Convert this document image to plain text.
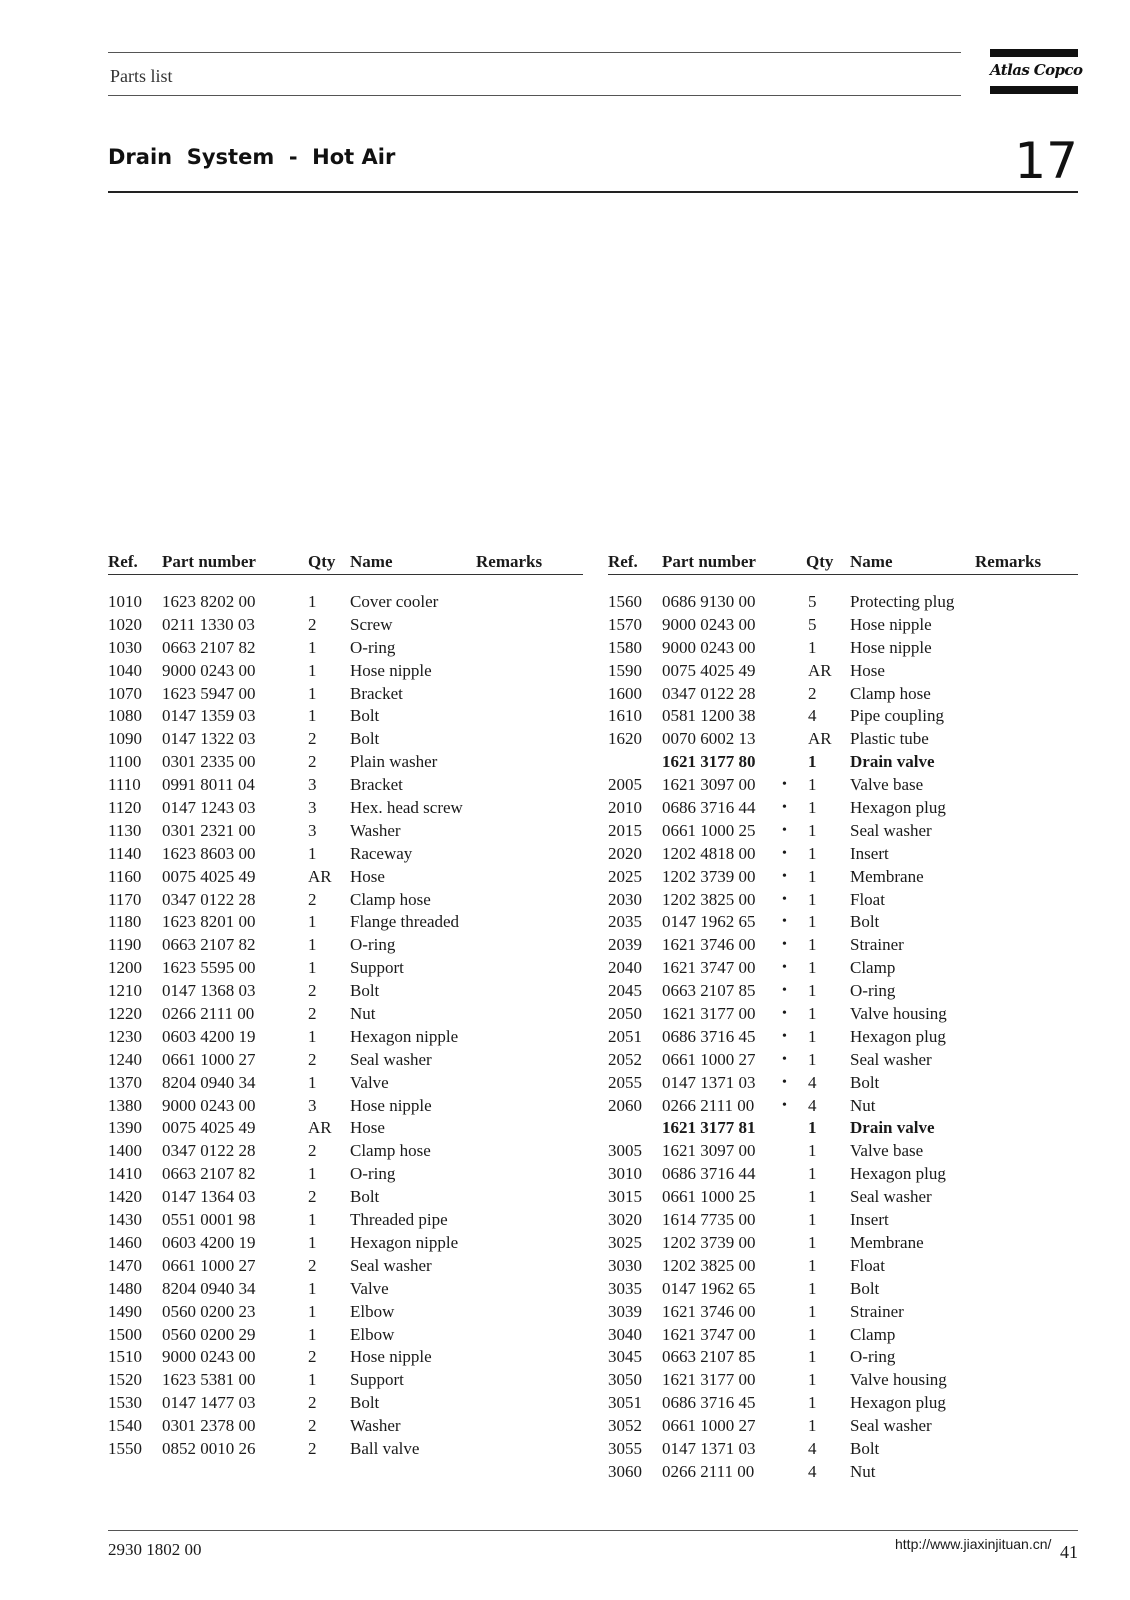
Parts list	Atlas Copco
Drain  System  -  Hot Air	17
Ref. Part number	Qty Name	Remarks
1010 1623 8202 00	1 Cover cooler
1020 0211 1330 03	2 Screw
1030 0663 2107 82	1 O-ring
1040 9000 0243 00	1 Hose nipple
1070 1623 5947 00	1 Bracket
1080 0147 1359 03	1 Bolt
1090 0147 1322 03	2 Bolt
1100 0301 2335 00	2 Plain washer
1110 0991 8011 04	3 Bracket
1120 0147 1243 03	3 Hex. head screw
1130 0301 2321 00	3 Washer
1140 1623 8603 00	1 Raceway
1160 0075 4025 49	AR Hose
1170 0347 0122 28	2 Clamp hose
1180 1623 8201 00	1 Flange threaded
1190 0663 2107 82	1 O-ring
1200 1623 5595 00	1 Support
1210 0147 1368 03	2 Bolt
1220 0266 2111 00	2 Nut
1230 0603 4200 19	1 Hexagon nipple
1240 0661 1000 27	2 Seal washer
1370 8204 0940 34	1 Valve
1380 9000 0243 00	3 Hose nipple
1390 0075 4025 49	AR Hose
1400 0347 0122 28	2 Clamp hose
1410 0663 2107 82	1 O-ring
1420 0147 1364 03	2 Bolt
1430 0551 0001 98	1 Threaded pipe
1460 0603 4200 19	1 Hexagon nipple
1470 0661 1000 27	2 Seal washer
1480 8204 0940 34	1 Valve
1490 0560 0200 23	1 Elbow
1500 0560 0200 29	1 Elbow
1510 9000 0243 00	2 Hose nipple
1520 1623 5381 00	1 Support
1530 0147 1477 03	2 Bolt
1540 0301 2378 00	2 Washer
1550 0852 0010 26	2 Ball valve
Ref. Part number	Qty Name	Remarks
1560 0686 9130 00	5 Protecting plug
1570 9000 0243 00	5 Hose nipple
1580 9000 0243 00	1 Hose nipple
1590 0075 4025 49	AR Hose
1600 0347 0122 28	2 Clamp hose
1610 0581 1200 38	4 Pipe coupling
1620 0070 6002 13	AR Plastic tube
1621 3177 80	1 Drain valve
2005 1621 3097 00 • 1 Valve base
2010 0686 3716 44 • 1 Hexagon plug
2015 0661 1000 25 • 1 Seal washer
2020 1202 4818 00 • 1 Insert
2025 1202 3739 00 • 1 Membrane
2030 1202 3825 00 • 1 Float
2035 0147 1962 65 • 1 Bolt
2039 1621 3746 00 • 1 Strainer
2040 1621 3747 00 • 1 Clamp
2045 0663 2107 85 • 1 O-ring
2050 1621 3177 00 • 1 Valve housing
2051 0686 3716 45 • 1 Hexagon plug
2052 0661 1000 27 • 1 Seal washer
2055 0147 1371 03 • 4 Bolt
2060 0266 2111 00 • 4 Nut
1621 3177 81	1 Drain valve
3005 1621 3097 00	1 Valve base
3010 0686 3716 44	1 Hexagon plug
3015 0661 1000 25	1 Seal washer
3020 1614 7735 00	1 Insert
3025 1202 3739 00	1 Membrane
3030 1202 3825 00	1 Float
3035 0147 1962 65	1 Bolt
3039 1621 3746 00	1 Strainer
3040 1621 3747 00	1 Clamp
3045 0663 2107 85	1 O-ring
3050 1621 3177 00	1 Valve housing
3051 0686 3716 45	1 Hexagon plug
3052 0661 1000 27	1 Seal washer
3055 0147 1371 03	4 Bolt
3060 0266 2111 00	4 Nut
2930 1802 00	http://www.jiaxinjituan.cn/ 41
